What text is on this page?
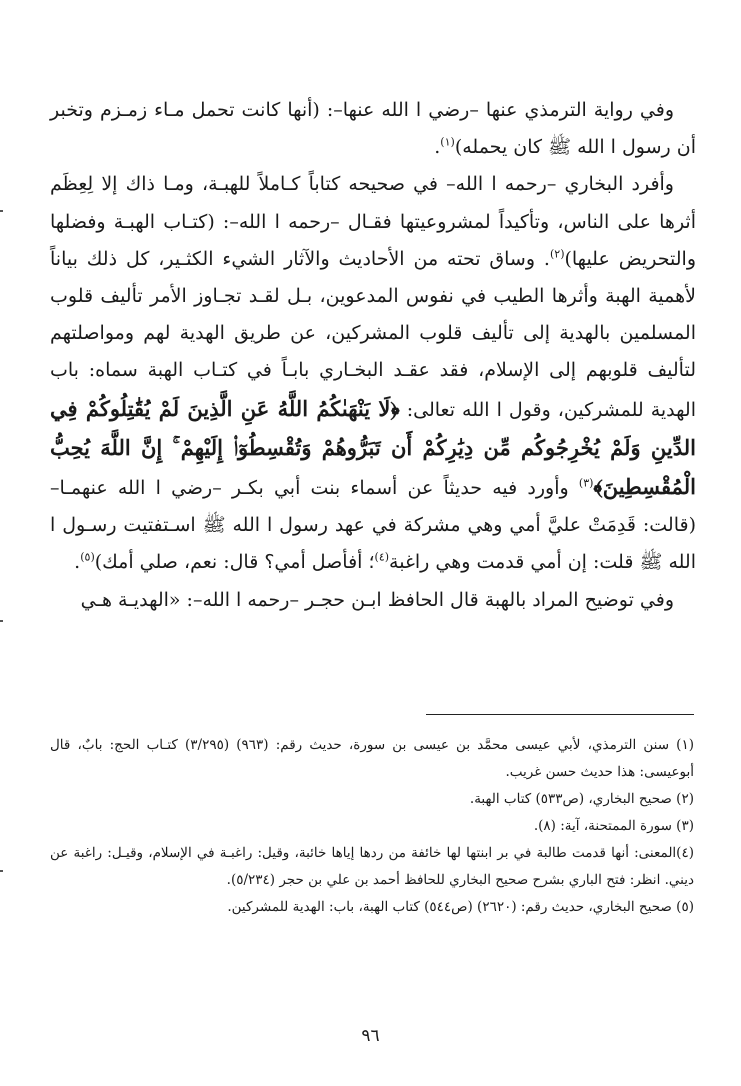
وفي رواية الترمذي عنها –رضي ا الله عنها–: (أنها كانت تحمل مـاء زمـزم وتخبر أن رسول ا الله ﷺ كان يحمله)$^{(١)}$.

وأفرد البخاري –رحمه ا الله– في صحيحه كتاباً كـاملاً للهبـة، ومـا ذاك إلا لِعِظَم أثرها على الناس، وتأكيداً لمشروعيتها فقـال –رحمه ا الله–: (كتـاب الهبـة وفضلها والتحريض عليها)$^{(٢)}$. وساق تحته من الأحاديث والآثار الشيء الكثـير، كل ذلك بياناً لأهمية الهبة وأثرها الطيب في نفوس المدعوين، بـل لقـد تجـاوز الأمر تأليف قلوب المسلمين بالهدية إلى تأليف قلوب المشركين، عن طريق الهدية لهم ومواصلتهم لتأليف قلوبهم إلى الإسلام، فقد عقـد البخـاري بابـاً في كتـاب الهبة سماه: باب الهدية للمشركين، وقول ا الله تعالى: ﴿لَا يَنْهَىٰكُمُ اللَّهُ عَنِ الَّذِينَ لَمْ يُقَٰتِلُوكُمْ فِي الدِّينِ وَلَمْ يُخْرِجُوكُم مِّن دِيَٰرِكُمْ أَن تَبَرُّوهُمْ وَتُقْسِطُوٓا۟ إِلَيْهِمْ ۚ إِنَّ اللَّهَ يُحِبُّ الْمُقْسِطِينَ﴾$^{(٣)}$ وأورد فيه حديثاً عن أسماء بنت أبي بكـر –رضي ا الله عنهمـا– (قالت: قَدِمَتْ عليَّ أمي وهي مشركة في عهد رسول ا الله ﷺ اسـتفتيت رسـول ا الله ﷺ قلت: إن أمي قدمت وهي راغبة$^{(٤)}$؛ أفأصل أمي؟ قال: نعم، صلي أمك)$^{(٥)}$.

وفي توضيح المراد بالهبة قال الحافظ ابـن حجـر –رحمه ا الله–: «الهديـة هـي

(١) سنن الترمذي، لأبي عيسى محمَّد بن عيسى بن سورة، حديث رقم: (٩٦٣) (٣/٢٩٥) كتـاب الحج: بابٌ، قال أبوعيسى: هذا حديث حسن غريب.

(٢) صحيح البخاري، (ص٥٣٣) كتاب الهبة.

(٣) سورة الممتحنة، آية: (٨).

(٤)المعنى: أنها قدمت طالبة في بر ابنتها لها خائفة من ردها إياها خائبة، وقيل: راغبـة في الإسلام، وقيـل: راغبة عن ديني. انظر: فتح الباري بشرح صحيح البخاري للحافظ أحمد بن علي بن حجر (٥/٢٣٤).

(٥) صحيح البخاري، حديث رقم: (٢٦٢٠) (ص٥٤٤) كتاب الهبة، باب: الهدية للمشركين.

٩٦
